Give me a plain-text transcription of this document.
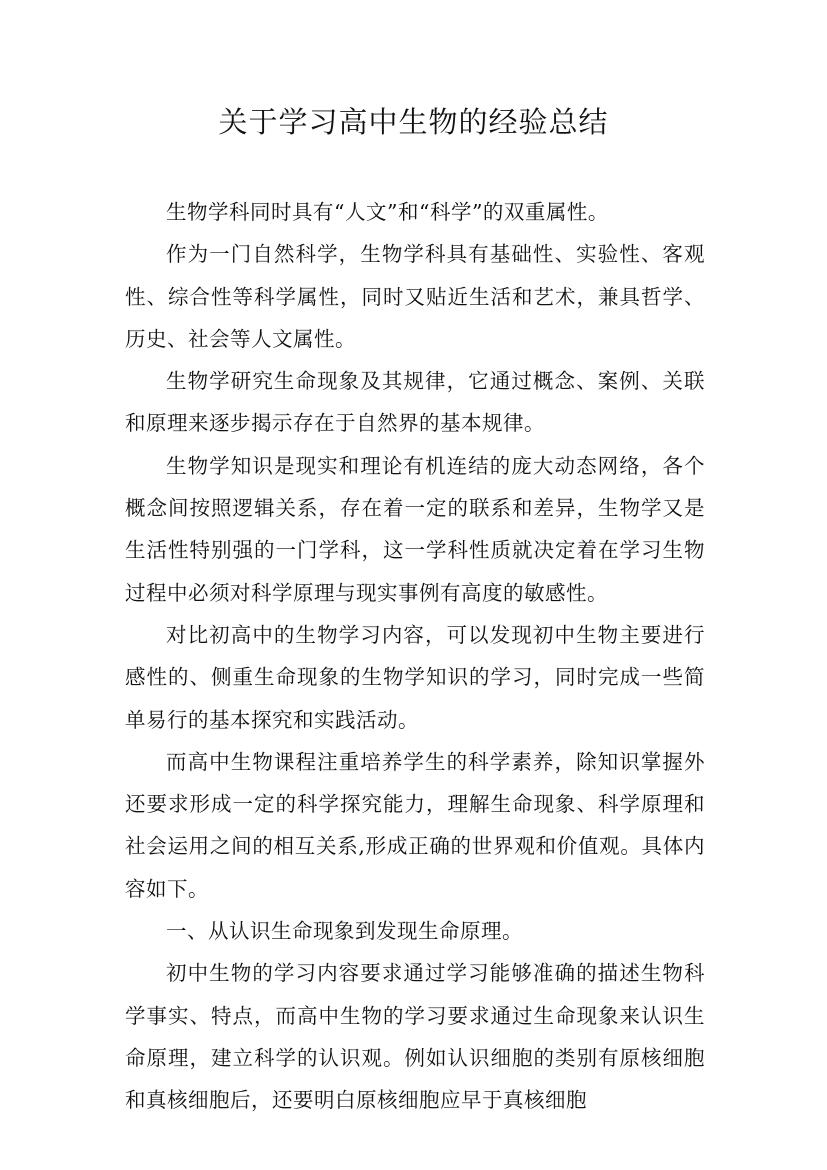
关于学习高中生物的经验总结

生物学科同时具有“人文”和“科学”的双重属性。

作为一门自然科学，生物学科具有基础性、实验性、客观性、综合性等科学属性，同时又贴近生活和艺术，兼具哲学、历史、社会等人文属性。

生物学研究生命现象及其规律，它通过概念、案例、关联和原理来逐步揭示存在于自然界的基本规律。

生物学知识是现实和理论有机连结的庞大动态网络，各个概念间按照逻辑关系，存在着一定的联系和差异，生物学又是生活性特别强的一门学科，这一学科性质就决定着在学习生物过程中必须对科学原理与现实事例有高度的敏感性。

对比初高中的生物学习内容，可以发现初中生物主要进行感性的、侧重生命现象的生物学知识的学习，同时完成一些简单易行的基本探究和实践活动。

而高中生物课程注重培养学生的科学素养，除知识掌握外还要求形成一定的科学探究能力，理解生命现象、科学原理和社会运用之间的相互关系,形成正确的世界观和价值观。具体内容如下。

一、从认识生命现象到发现生命原理。

初中生物的学习内容要求通过学习能够准确的描述生物科学事实、特点，而高中生物的学习要求通过生命现象来认识生命原理，建立科学的认识观。例如认识细胞的类别有原核细胞和真核细胞后，还要明白原核细胞应早于真核细胞
